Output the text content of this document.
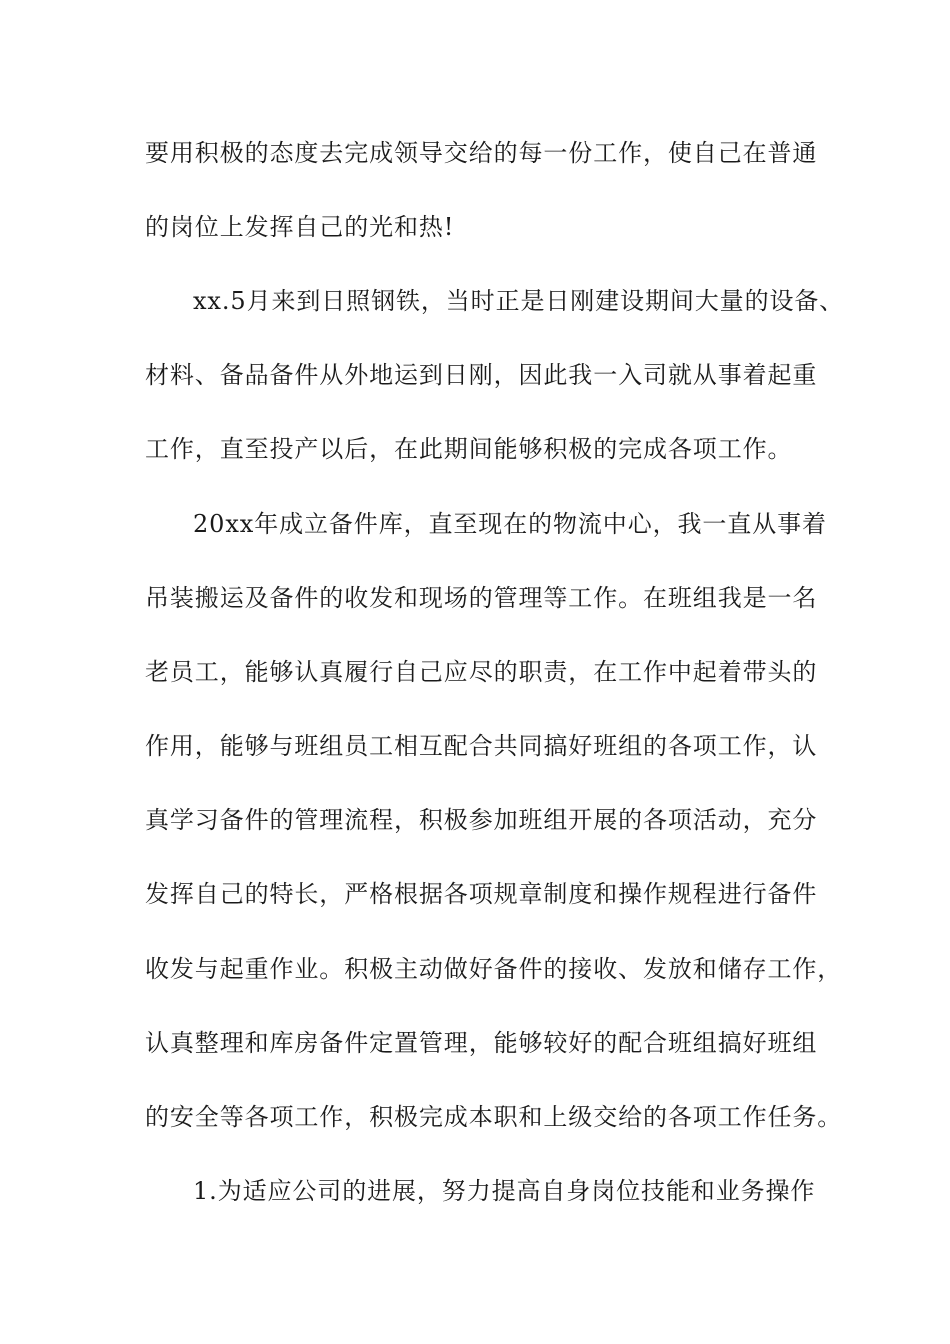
要用积极的态度去完成领导交给的每一份工作，使自己在普通

的岗位上发挥自己的光和热!

xx.5月来到日照钢铁，当时正是日刚建设期间大量的设备、

材料、备品备件从外地运到日刚，因此我一入司就从事着起重

工作，直至投产以后，在此期间能够积极的完成各项工作。

20xx年成立备件库，直至现在的物流中心，我一直从事着

吊装搬运及备件的收发和现场的管理等工作。在班组我是一名

老员工，能够认真履行自己应尽的职责，在工作中起着带头的

作用，能够与班组员工相互配合共同搞好班组的各项工作，认

真学习备件的管理流程，积极参加班组开展的各项活动，充分

发挥自己的特长，严格根据各项规章制度和操作规程进行备件

收发与起重作业。积极主动做好备件的接收、发放和储存工作，

认真整理和库房备件定置管理，能够较好的配合班组搞好班组

的安全等各项工作，积极完成本职和上级交给的各项工作任务。

1.为适应公司的进展，努力提高自身岗位技能和业务操作
